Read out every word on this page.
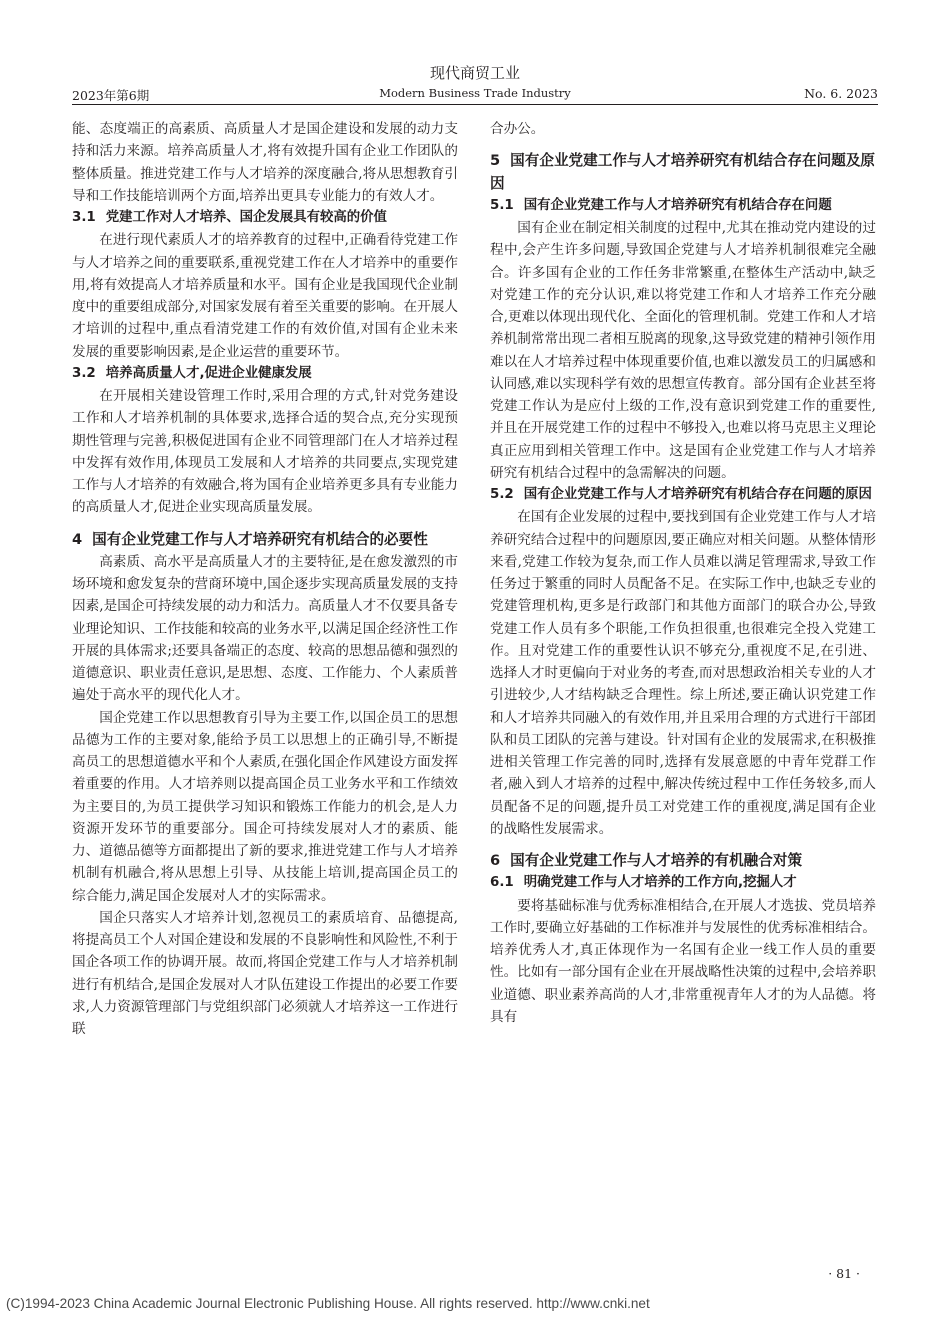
现代商贸工业
2023年第6期	Modern Business Trade Industry	No. 6. 2023

能、态度端正的高素质、高质量人才是国企建设和发展的动力支持和活力来源。培养高质量人才,将有效提升国有企业工作团队的整体质量。推进党建工作与人才培养的深度融合,将从思想教育引导和工作技能培训两个方面,培养出更具专业能力的有效人才。

3.1 党建工作对人才培养、国企发展具有较高的价值

在进行现代素质人才的培养教育的过程中,正确看待党建工作与人才培养之间的重要联系,重视党建工作在人才培养中的重要作用,将有效提高人才培养质量和水平。国有企业是我国现代企业制度中的重要组成部分,对国家发展有着至关重要的影响。在开展人才培训的过程中,重点看清党建工作的有效价值,对国有企业未来发展的重要影响因素,是企业运营的重要环节。

3.2 培养高质量人才,促进企业健康发展

在开展相关建设管理工作时,采用合理的方式,针对党务建设工作和人才培养机制的具体要求,选择合适的契合点,充分实现预期性管理与完善,积极促进国有企业不同管理部门在人才培养过程中发挥有效作用,体现员工发展和人才培养的共同要点,实现党建工作与人才培养的有效融合,将为国有企业培养更多具有专业能力的高质量人才,促进企业实现高质量发展。

4 国有企业党建工作与人才培养研究有机结合的必要性

高素质、高水平是高质量人才的主要特征,是在愈发激烈的市场环境和愈发复杂的营商环境中,国企逐步实现高质量发展的支持因素,是国企可持续发展的动力和活力。高质量人才不仅要具备专业理论知识、工作技能和较高的业务水平,以满足国企经济性工作开展的具体需求;还要具备端正的态度、较高的思想品德和强烈的道德意识、职业责任意识,是思想、态度、工作能力、个人素质普遍处于高水平的现代化人才。

国企党建工作以思想教育引导为主要工作,以国企员工的思想品德为工作的主要对象,能给予员工以思想上的正确引导,不断提高员工的思想道德水平和个人素质,在强化国企作风建设方面发挥着重要的作用。人才培养则以提高国企员工业务水平和工作绩效为主要目的,为员工提供学习知识和锻炼工作能力的机会,是人力资源开发环节的重要部分。国企可持续发展对人才的素质、能力、道德品德等方面都提出了新的要求,推进党建工作与人才培养机制有机融合,将从思想上引导、从技能上培训,提高国企员工的综合能力,满足国企发展对人才的实际需求。

国企只落实人才培养计划,忽视员工的素质培育、品德提高,将提高员工个人对国企建设和发展的不良影响性和风险性,不利于国企各项工作的协调开展。故而,将国企党建工作与人才培养机制进行有机结合,是国企发展对人才队伍建设工作提出的必要工作要求,人力资源管理部门与党组织部门必须就人才培养这一工作进行联

合办公。

5 国有企业党建工作与人才培养研究有机结合存在问题及原因
5.1 国有企业党建工作与人才培养研究有机结合存在问题

国有企业在制定相关制度的过程中,尤其在推动党内建设的过程中,会产生许多问题,导致国企党建与人才培养机制很难完全融合。许多国有企业的工作任务非常繁重,在整体生产活动中,缺乏对党建工作的充分认识,难以将党建工作和人才培养工作充分融合,更难以体现出现代化、全面化的管理机制。党建工作和人才培养机制常常出现二者相互脱离的现象,这导致党建的精神引领作用难以在人才培养过程中体现重要价值,也难以激发员工的归属感和认同感,难以实现科学有效的思想宣传教育。部分国有企业甚至将党建工作认为是应付上级的工作,没有意识到党建工作的重要性,并且在开展党建工作的过程中不够投入,也难以将马克思主义理论真正应用到相关管理工作中。这是国有企业党建工作与人才培养研究有机结合过程中的急需解决的问题。

5.2 国有企业党建工作与人才培养研究有机结合存在问题的原因

在国有企业发展的过程中,要找到国有企业党建工作与人才培养研究结合过程中的问题原因,要正确应对相关问题。从整体情形来看,党建工作较为复杂,而工作人员难以满足管理需求,导致工作任务过于繁重的同时人员配备不足。在实际工作中,也缺乏专业的党建管理机构,更多是行政部门和其他方面部门的联合办公,导致党建工作人员有多个职能,工作负担很重,也很难完全投入党建工作。且对党建工作的重要性认识不够充分,重视度不足,在引进、选择人才时更偏向于对业务的考查,而对思想政治相关专业的人才引进较少,人才结构缺乏合理性。综上所述,要正确认识党建工作和人才培养共同融入的有效作用,并且采用合理的方式进行干部团队和员工团队的完善与建设。针对国有企业的发展需求,在积极推进相关管理工作完善的同时,选择有发展意愿的中青年党群工作者,融入到人才培养的过程中,解决传统过程中工作任务较多,而人员配备不足的问题,提升员工对党建工作的重视度,满足国有企业的战略性发展需求。

6 国有企业党建工作与人才培养的有机融合对策
6.1 明确党建工作与人才培养的工作方向,挖掘人才

要将基础标准与优秀标准相结合,在开展人才选拔、党员培养工作时,要确立好基础的工作标准并与发展性的优秀标准相结合。培养优秀人才,真正体现作为一名国有企业一线工作人员的重要性。比如有一部分国有企业在开展战略性决策的过程中,会培养职业道德、职业素养高尚的人才,非常重视青年人才的为人品德。将具有

· 81 ·
(C)1994-2023 China Academic Journal Electronic Publishing House. All rights reserved. http://www.cnki.net
